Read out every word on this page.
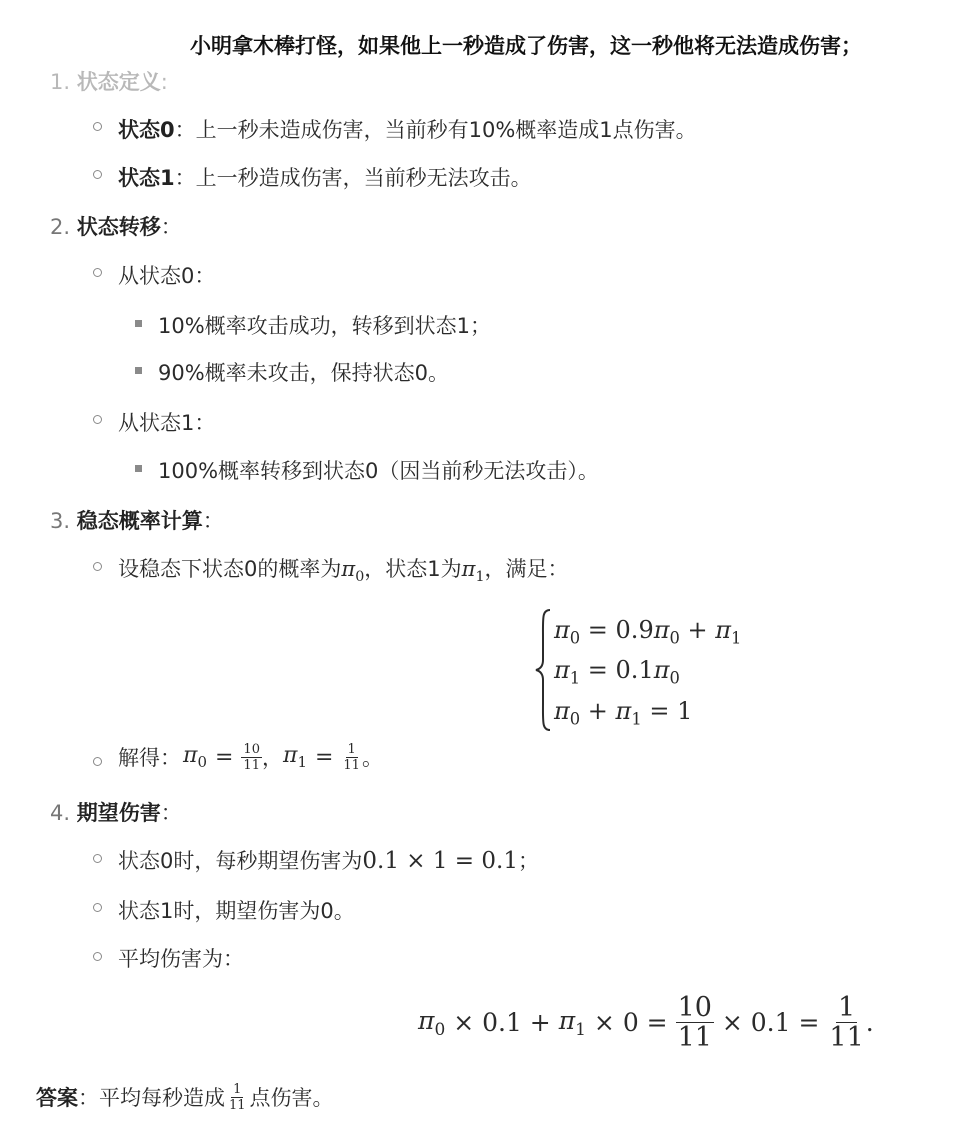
小明拿木棒打怪，如果他上一秒造成了伤害，这一秒他将无法造成伤害；
1. 状态定义:
状态0：上一秒未造成伤害，当前秒有10%概率造成1点伤害。
状态1：上一秒造成伤害，当前秒无法攻击。
2. 状态转移：
从状态0：
10%概率攻击成功，转移到状态1；
90%概率未攻击，保持状态0。
从状态1：
100%概率转移到状态0（因当前秒无法攻击）。
3. 稳态概率计算：
设稳态下状态0的概率为$\pi_0$，状态1为$\pi_1$，满足：
$\pi_0 = 0.9\pi_0 + \pi_1$
$\pi_1 = 0.1\pi_0$
$\pi_0 + \pi_1 = 1$
解得： $\pi_0 = \frac{10}{11}$ ， $\pi_1 = \frac{1}{11}$ 。
4. 期望伤害：
状态0时，每秒期望伤害为0.1 × 1 = 0.1；
状态1时，期望伤害为0。
平均伤害为：
$\pi_0 \times 0.1 + \pi_1 \times 0 = \frac{10}{11} \times 0.1 = \frac{1}{11}$ .
答案 ：平均每秒造成 $\frac{1}{11}$ 点伤害。
